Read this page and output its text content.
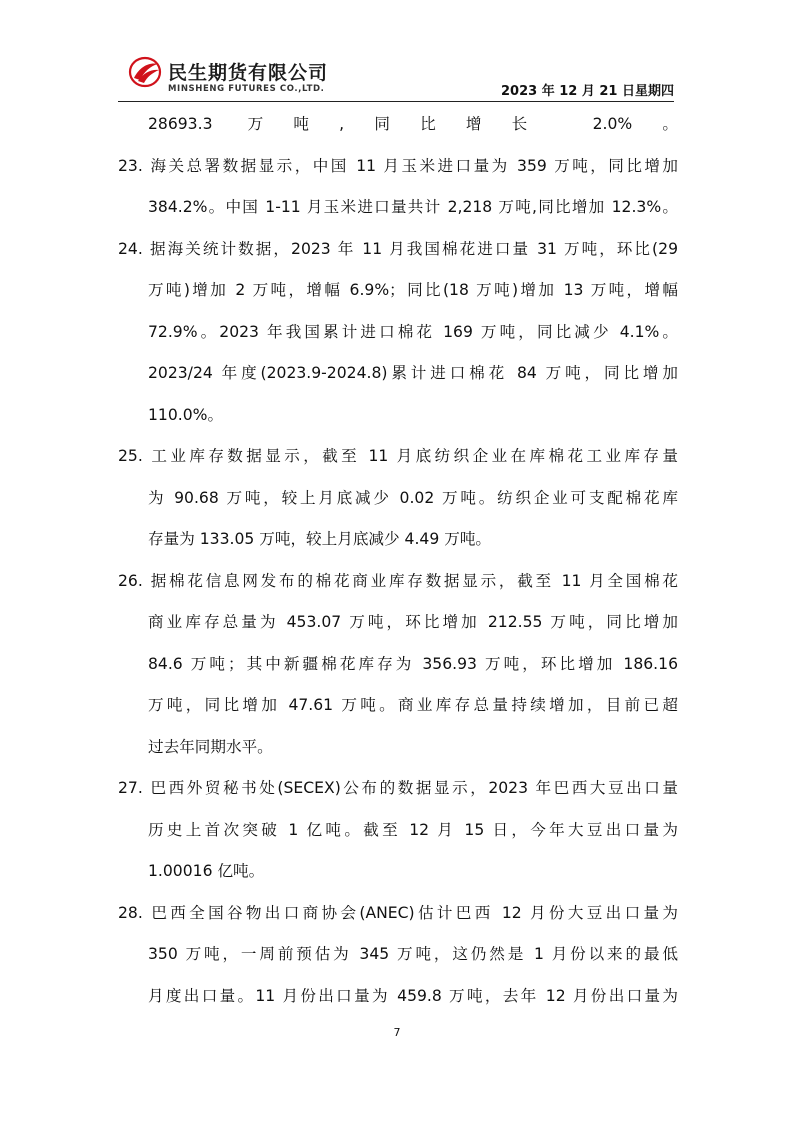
民生期货有限公司
MINSHENG FUTURES CO.,LTD.	2023 年 12 月 21 日星期四
28693.3 万吨,同比增长 2.0%。
23. 海关总署数据显示，中国 11 月玉米进口量为 359 万吨，同比增加
384.2%。中国 1-11 月玉米进口量共计 2,218 万吨,同比增加 12.3%。
24. 据海关统计数据，2023 年 11 月我国棉花进口量 31 万吨，环比(29
万吨)增加 2 万吨，增幅 6.9%；同比(18 万吨)增加 13 万吨，增幅
72.9%。2023 年我国累计进口棉花 169 万吨，同比减少 4.1%。
2023/24 年度(2023.9-2024.8)累计进口棉花 84 万吨，同比增加
110.0%。
25. 工业库存数据显示，截至 11 月底纺织企业在库棉花工业库存量
为 90.68 万吨，较上月底减少 0.02 万吨。纺织企业可支配棉花库
存量为 133.05 万吨，较上月底减少 4.49 万吨。
26. 据棉花信息网发布的棉花商业库存数据显示，截至 11 月全国棉花
商业库存总量为 453.07 万吨，环比增加 212.55 万吨，同比增加
84.6 万吨；其中新疆棉花库存为 356.93 万吨，环比增加 186.16
万吨，同比增加 47.61 万吨。商业库存总量持续增加，目前已超
过去年同期水平。
27. 巴西外贸秘书处(SECEX)公布的数据显示，2023 年巴西大豆出口量
历史上首次突破 1 亿吨。截至 12 月 15 日，今年大豆出口量为
1.00016 亿吨。
28. 巴西全国谷物出口商协会(ANEC)估计巴西 12 月份大豆出口量为
350 万吨，一周前预估为 345 万吨，这仍然是 1 月份以来的最低
月度出口量。11 月份出口量为 459.8 万吨，去年 12 月份出口量为
7
